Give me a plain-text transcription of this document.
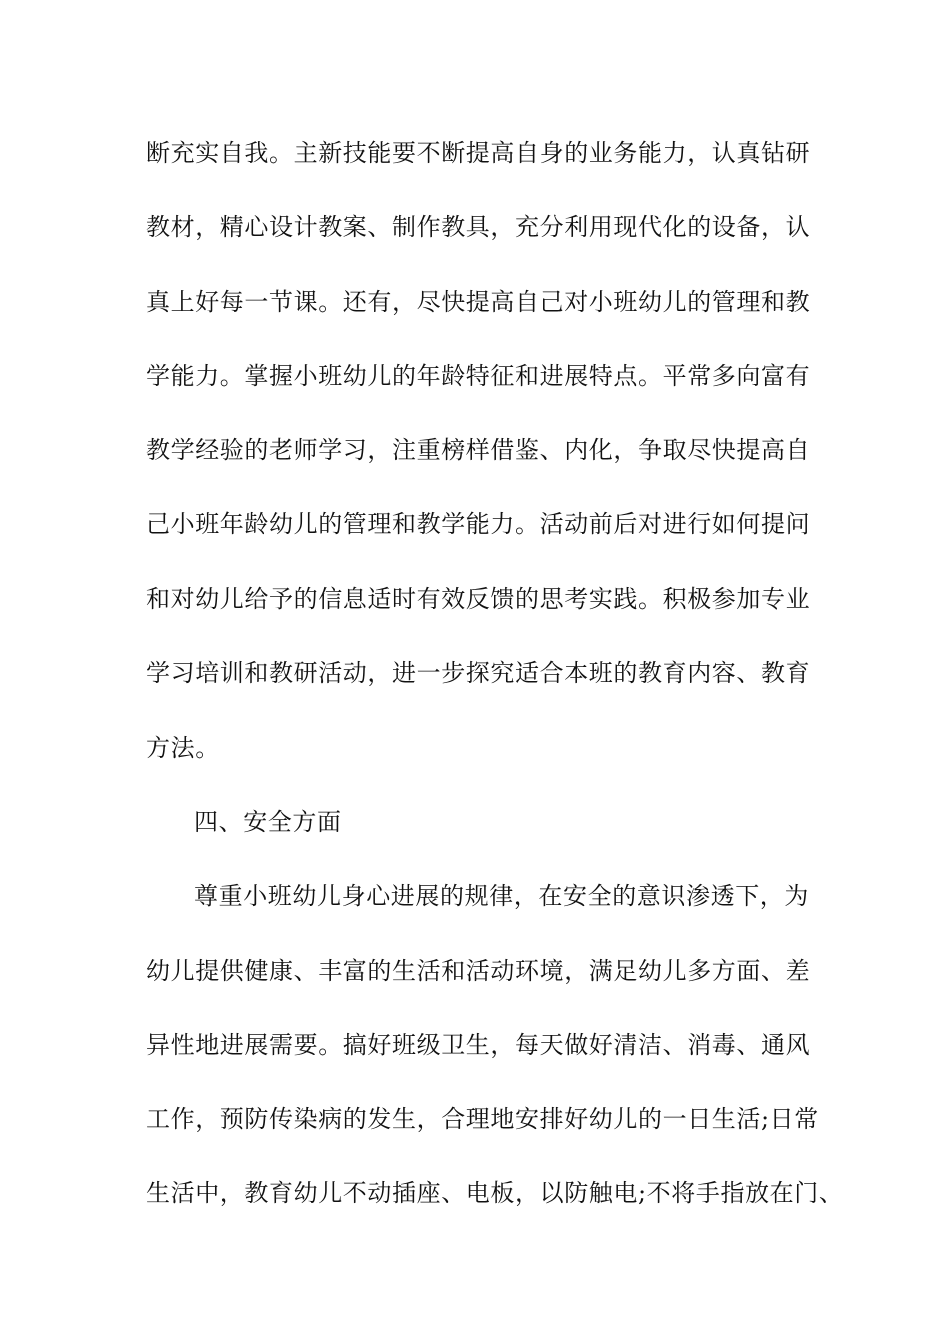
断充实自我。主新技能要不断提高自身的业务能力，认真钻研
教材，精心设计教案、制作教具，充分利用现代化的设备，认
真上好每一节课。还有，尽快提高自己对小班幼儿的管理和教
学能力。掌握小班幼儿的年龄特征和进展特点。平常多向富有
教学经验的老师学习，注重榜样借鉴、内化，争取尽快提高自
己小班年龄幼儿的管理和教学能力。活动前后对进行如何提问
和对幼儿给予的信息适时有效反馈的思考实践。积极参加专业
学习培训和教研活动，进一步探究适合本班的教育内容、教育
方法。
四、安全方面
尊重小班幼儿身心进展的规律，在安全的意识渗透下，为
幼儿提供健康、丰富的生活和活动环境，满足幼儿多方面、差
异性地进展需要。搞好班级卫生，每天做好清洁、消毒、通风
工作，预防传染病的发生，合理地安排好幼儿的一日生活;日常
生活中，教育幼儿不动插座、电板，以防触电;不将手指放在门、
